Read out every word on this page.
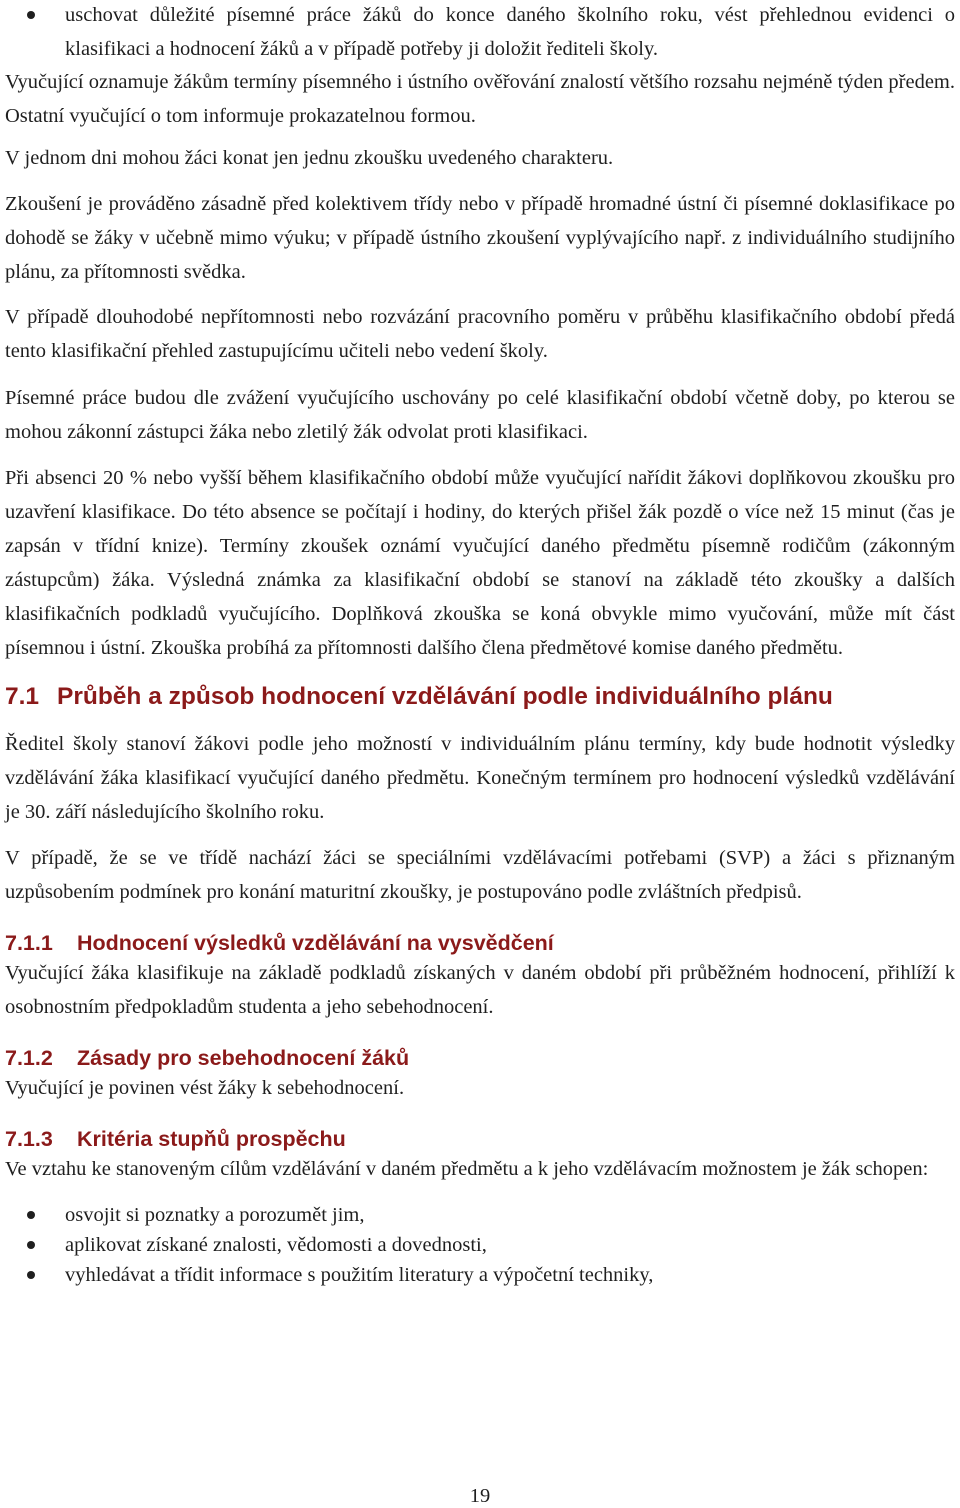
uschovat důležité písemné práce žáků do konce daného školního roku, vést přehlednou evidenci o klasifikaci a hodnocení žáků a v případě potřeby ji doložit řediteli školy.

Vyučující oznamuje žákům termíny písemného i ústního ověřování znalostí většího rozsahu nejméně týden předem. Ostatní vyučující o tom informuje prokazatelnou formou.

V jednom dni mohou žáci konat jen jednu zkoušku uvedeného charakteru.

Zkoušení je prováděno zásadně před kolektivem třídy nebo v případě hromadné ústní či písemné doklasifikace po dohodě se žáky v učebně mimo výuku; v případě ústního zkoušení vyplývajícího např. z individuálního studijního plánu, za přítomnosti svědka.

V případě dlouhodobé nepřítomnosti nebo rozvázání pracovního poměru v průběhu klasifikačního období předá tento klasifikační přehled zastupujícímu učiteli nebo vedení školy.

Písemné práce budou dle zvážení vyučujícího uschovány po celé klasifikační období včetně doby, po kterou se mohou zákonní zástupci žáka nebo zletilý žák odvolat proti klasifikaci.

Při absenci 20 % nebo vyšší během klasifikačního období může vyučující nařídit žákovi doplňkovou zkoušku pro uzavření klasifikace. Do této absence se počítají i hodiny, do kterých přišel žák pozdě o více než 15 minut (čas je zapsán v třídní knize). Termíny zkoušek oznámí vyučující daného předmětu písemně rodičům (zákonným zástupcům) žáka. Výsledná známka za klasifikační období se stanoví na základě této zkoušky a dalších klasifikačních podkladů vyučujícího. Doplňková zkouška se koná obvykle mimo vyučování, může mít část písemnou i ústní. Zkouška probíhá za přítomnosti dalšího člena předmětové komise daného předmětu.

7.1 Průběh a způsob hodnocení vzdělávání podle individuálního plánu

Ředitel školy stanoví žákovi podle jeho možností v individuálním plánu termíny, kdy bude hodnotit výsledky vzdělávání žáka klasifikací vyučující daného předmětu. Konečným termínem pro hodnocení výsledků vzdělávání je 30. září následujícího školního roku.

V případě, že se ve třídě nachází žáci se speciálními vzdělávacími potřebami (SVP) a žáci s přiznaným uzpůsobením podmínek pro konání maturitní zkoušky, je postupováno podle zvláštních předpisů.

7.1.1 Hodnocení výsledků vzdělávání na vysvědčení

Vyučující žáka klasifikuje na základě podkladů získaných v daném období při průběžném hodnocení, přihlíží k osobnostním předpokladům studenta a jeho sebehodnocení.

7.1.2 Zásady pro sebehodnocení žáků

Vyučující je povinen vést žáky k sebehodnocení.

7.1.3 Kritéria stupňů prospěchu

Ve vztahu ke stanoveným cílům vzdělávání v daném předmětu a k jeho vzdělávacím možnostem je žák schopen:

osvojit si poznatky a porozumět jim,
aplikovat získané znalosti, vědomosti a dovednosti,
vyhledávat a třídit informace s použitím literatury a výpočetní techniky,
19
